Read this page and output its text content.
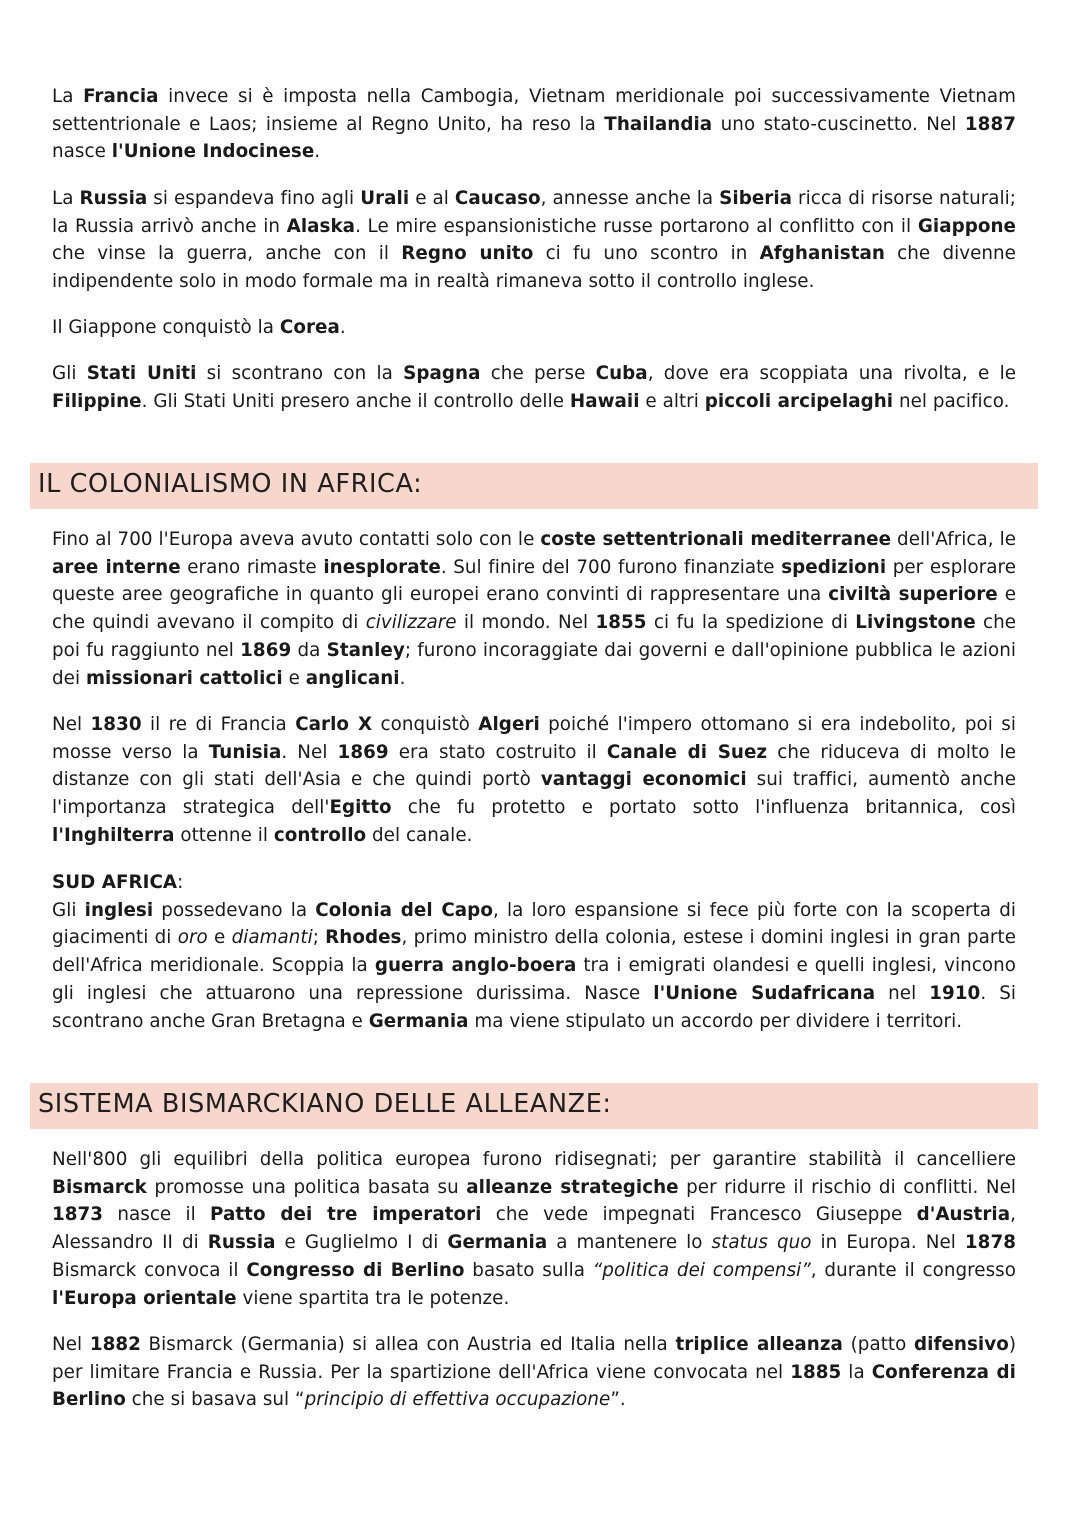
La Francia invece si è imposta nella Cambogia, Vietnam meridionale poi successivamente Vietnam settentrionale e Laos; insieme al Regno Unito, ha reso la Thailandia uno stato-cuscinetto. Nel 1887 nasce l'Unione Indocinese.
La Russia si espandeva fino agli Urali e al Caucaso, annesse anche la Siberia ricca di risorse naturali; la Russia arrivò anche in Alaska. Le mire espansionistiche russe portarono al conflitto con il Giappone che vinse la guerra, anche con il Regno unito ci fu uno scontro in Afghanistan che divenne indipendente solo in modo formale ma in realtà rimaneva sotto il controllo inglese.
Il Giappone conquistò la Corea.
Gli Stati Uniti si scontrano con la Spagna che perse Cuba, dove era scoppiata una rivolta, e le Filippine. Gli Stati Uniti presero anche il controllo delle Hawaii e altri piccoli arcipelaghi nel pacifico.
IL COLONIALISMO IN AFRICA:
Fino al 700 l'Europa aveva avuto contatti solo con le coste settentrionali mediterranee dell'Africa, le aree interne erano rimaste inesplorate. Sul finire del 700 furono finanziate spedizioni per esplorare queste aree geografiche in quanto gli europei erano convinti di rappresentare una civiltà superiore e che quindi avevano il compito di civilizzare il mondo. Nel 1855 ci fu la spedizione di Livingstone che poi fu raggiunto nel 1869 da Stanley; furono incoraggiate dai governi e dall'opinione pubblica le azioni dei missionari cattolici e anglicani.
Nel 1830 il re di Francia Carlo X conquistò Algeri poiché l'impero ottomano si era indebolito, poi si mosse verso la Tunisia. Nel 1869 era stato costruito il Canale di Suez che riduceva di molto le distanze con gli stati dell'Asia e che quindi portò vantaggi economici sui traffici, aumentò anche l'importanza strategica dell'Egitto che fu protetto e portato sotto l'influenza britannica, così l'Inghilterra ottenne il controllo del canale.
SUD AFRICA:
Gli inglesi possedevano la Colonia del Capo, la loro espansione si fece più forte con la scoperta di giacimenti di oro e diamanti; Rhodes, primo ministro della colonia, estese i domini inglesi in gran parte dell'Africa meridionale. Scoppia la guerra anglo-boera tra i emigrati olandesi e quelli inglesi, vincono gli inglesi che attuarono una repressione durissima. Nasce l'Unione Sudafricana nel 1910. Si scontrano anche Gran Bretagna e Germania ma viene stipulato un accordo per dividere i territori.
SISTEMA BISMARCKIANO DELLE ALLEANZE:
Nell'800 gli equilibri della politica europea furono ridisegnati; per garantire stabilità il cancelliere Bismarck promosse una politica basata su alleanze strategiche per ridurre il rischio di conflitti. Nel 1873 nasce il Patto dei tre imperatori che vede impegnati Francesco Giuseppe d'Austria, Alessandro II di Russia e Guglielmo I di Germania a mantenere lo status quo in Europa. Nel 1878 Bismarck convoca il Congresso di Berlino basato sulla “politica dei compensi”, durante il congresso l'Europa orientale viene spartita tra le potenze.
Nel 1882 Bismarck (Germania) si allea con Austria ed Italia nella triplice alleanza (patto difensivo) per limitare Francia e Russia. Per la spartizione dell'Africa viene convocata nel 1885 la Conferenza di Berlino che si basava sul “principio di effettiva occupazione”.
